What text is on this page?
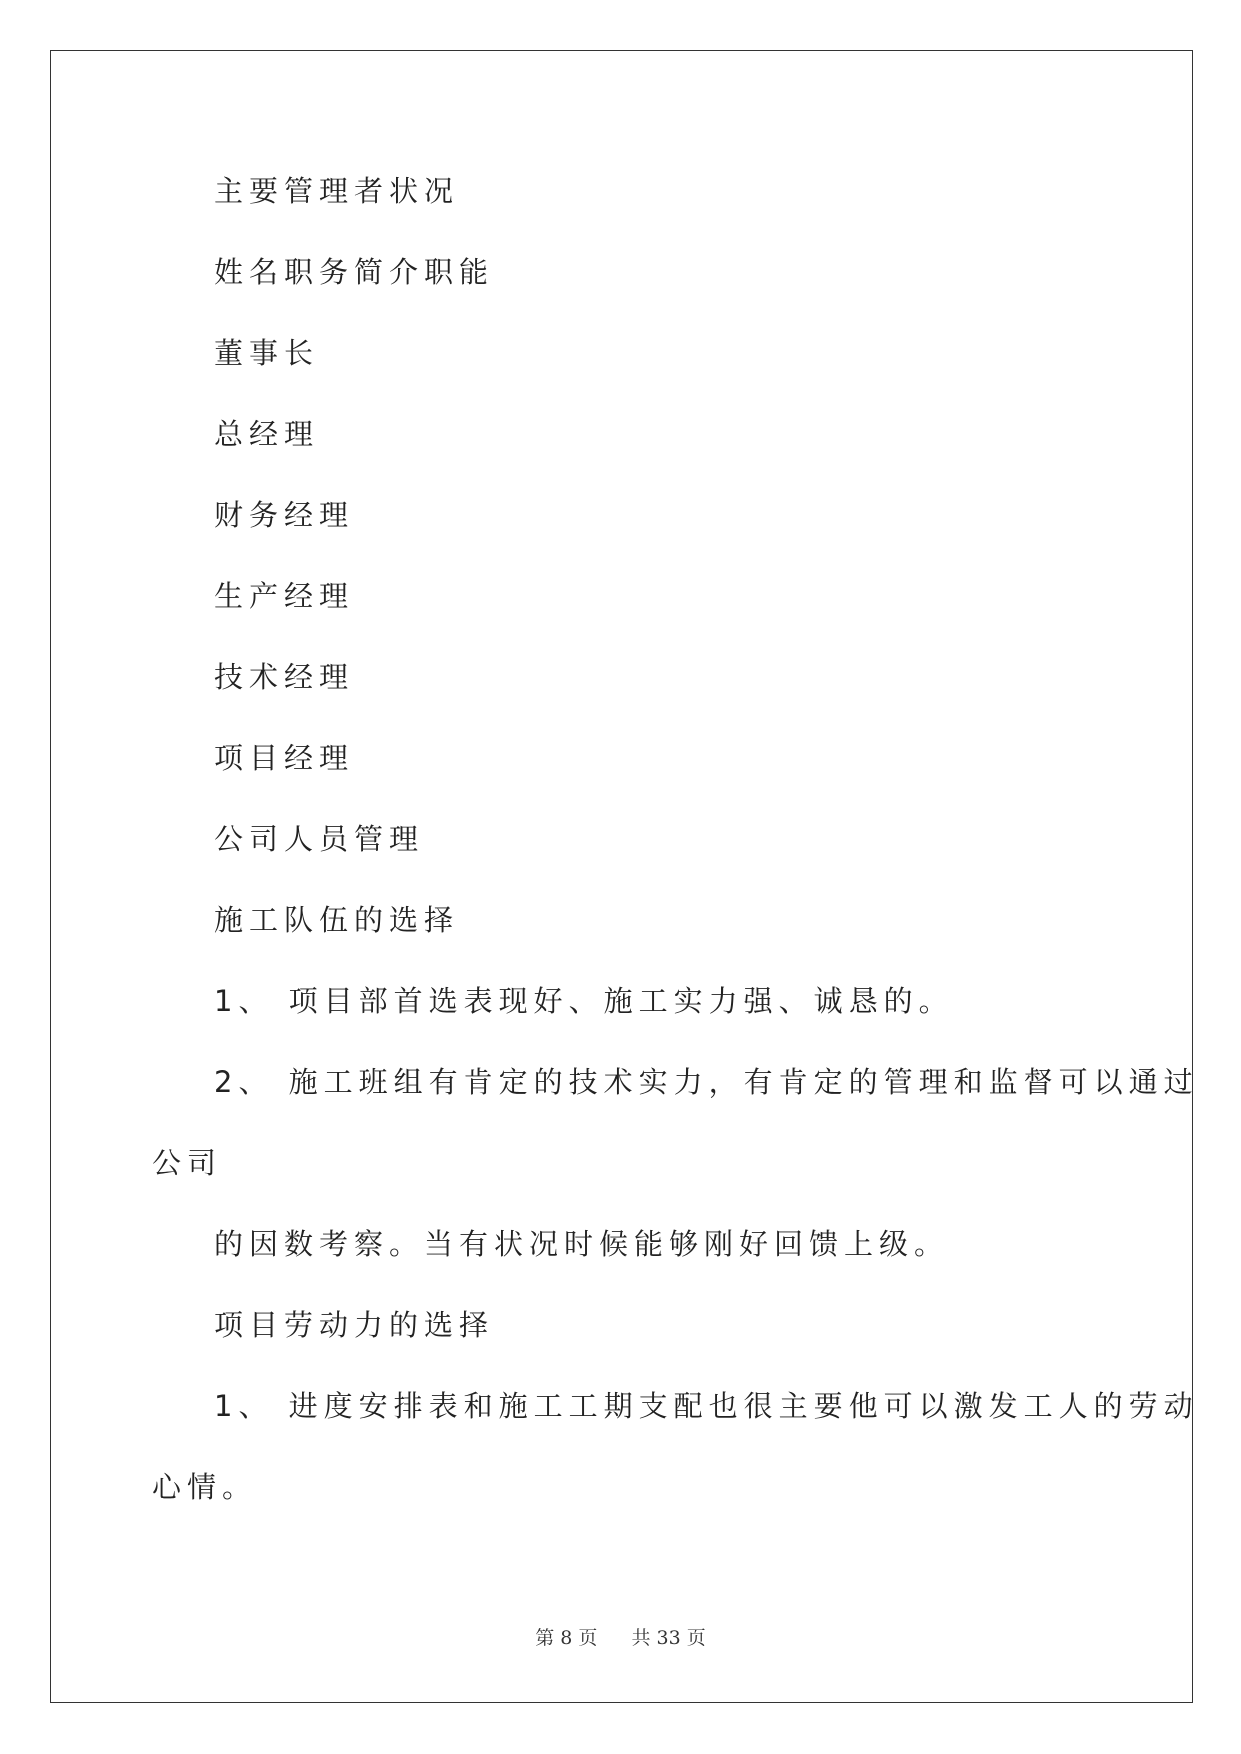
主要管理者状况
姓名职务简介职能
董事长
总经理
财务经理
生产经理
技术经理
项目经理
公司人员管理
施工队伍的选择
1、 项目部首选表现好、施工实力强、诚恳的。
2、 施工班组有肯定的技术实力，有肯定的管理和监督可以通过
公司
的因数考察。当有状况时候能够刚好回馈上级。
项目劳动力的选择
1、 进度安排表和施工工期支配也很主要他可以激发工人的劳动
心情。
第 8 页 共 33 页
